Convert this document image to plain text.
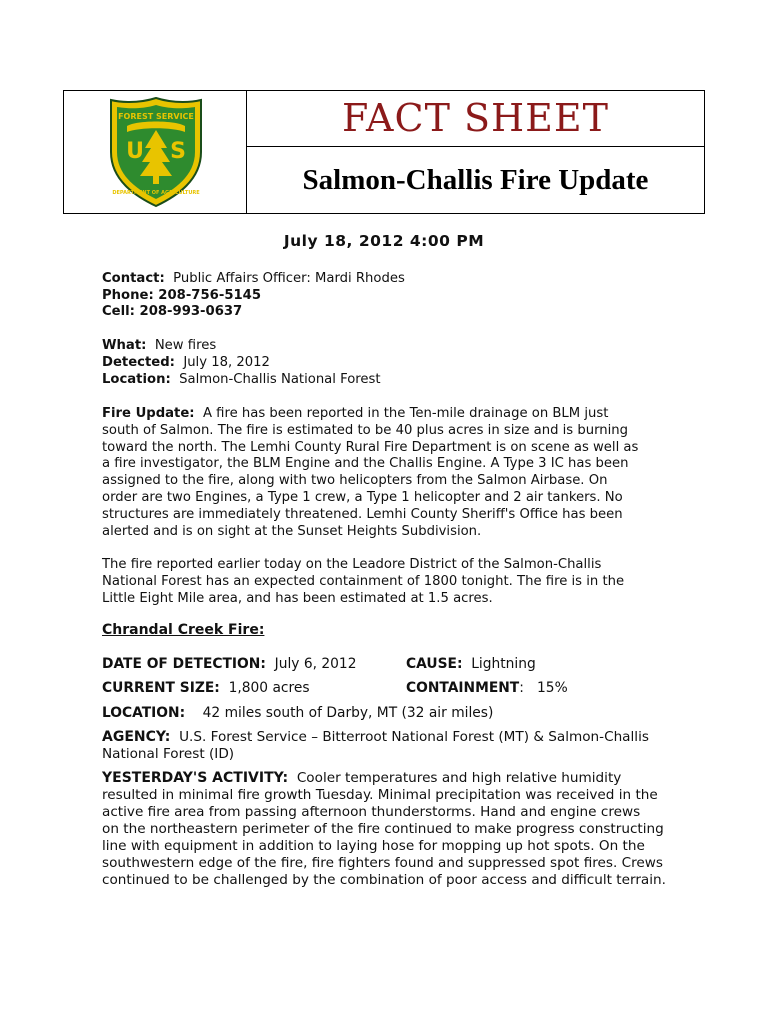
FOREST SERVICE
U S
DEPARTMENT OF AGRICULTURE
FACT SHEET
Salmon-Challis Fire Update
July 18, 2012 4:00 PM
Contact: Public Affairs Officer: Mardi Rhodes
Phone: 208-756-5145
Cell: 208-993-0637
What: New fires
Detected: July 18, 2012
Location: Salmon-Challis National Forest
Fire Update: A fire has been reported in the Ten-mile drainage on BLM just
south of Salmon. The fire is estimated to be 40 plus acres in size and is burning
toward the north. The Lemhi County Rural Fire Department is on scene as well as
a fire investigator, the BLM Engine and the Challis Engine. A Type 3 IC has been
assigned to the fire, along with two helicopters from the Salmon Airbase. On
order are two Engines, a Type 1 crew, a Type 1 helicopter and 2 air tankers. No
structures are immediately threatened. Lemhi County Sheriff's Office has been
alerted and is on sight at the Sunset Heights Subdivision.
The fire reported earlier today on the Leadore District of the Salmon-Challis
National Forest has an expected containment of 1800 tonight. The fire is in the
Little Eight Mile area, and has been estimated at 1.5 acres.
Chrandal Creek Fire:
DATE OF DETECTION: July 6, 2012	CAUSE: Lightning
CURRENT SIZE: 1,800 acres	CONTAINMENT:   15%
LOCATION: 42 miles south of Darby, MT (32 air miles)
AGENCY: U.S. Forest Service – Bitterroot National Forest (MT) & Salmon-Challis
National Forest (ID)
YESTERDAY'S ACTIVITY: Cooler temperatures and high relative humidity
resulted in minimal fire growth Tuesday. Minimal precipitation was received in the
active fire area from passing afternoon thunderstorms. Hand and engine crews
on the northeastern perimeter of the fire continued to make progress constructing
line with equipment in addition to laying hose for mopping up hot spots. On the
southwestern edge of the fire, fire fighters found and suppressed spot fires. Crews
continued to be challenged by the combination of poor access and difficult terrain.
